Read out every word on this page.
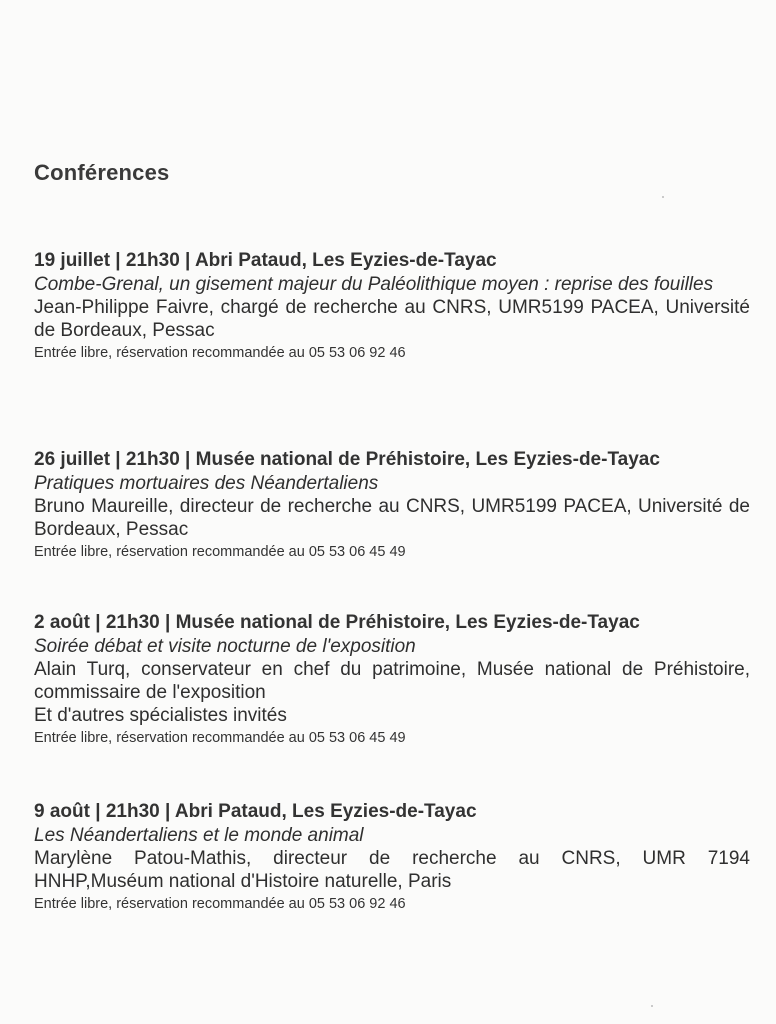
Conférences
19 juillet | 21h30 | Abri Pataud, Les Eyzies-de-Tayac
Combe-Grenal, un gisement majeur du Paléolithique moyen : reprise des fouilles
Jean-Philippe Faivre, chargé de recherche au CNRS, UMR5199 PACEA, Université de Bordeaux, Pessac
Entrée libre, réservation recommandée au 05 53 06 92 46
26 juillet | 21h30 | Musée national de Préhistoire, Les Eyzies-de-Tayac
Pratiques mortuaires des Néandertaliens
Bruno Maureille, directeur de recherche au CNRS, UMR5199 PACEA, Université de Bordeaux, Pessac
Entrée libre, réservation recommandée au 05 53 06 45 49
2 août | 21h30 | Musée national de Préhistoire, Les Eyzies-de-Tayac
Soirée débat et visite nocturne de l'exposition
Alain Turq, conservateur en chef du patrimoine, Musée national de Préhistoire, commissaire de l'exposition
Et d'autres spécialistes invités
Entrée libre, réservation recommandée au 05 53 06 45 49
9 août | 21h30 | Abri Pataud, Les Eyzies-de-Tayac
Les Néandertaliens et le monde animal
Marylène Patou-Mathis, directeur de recherche au CNRS, UMR 7194 HNHP,Muséum national d'Histoire naturelle, Paris
Entrée libre, réservation recommandée au 05 53 06 92 46
